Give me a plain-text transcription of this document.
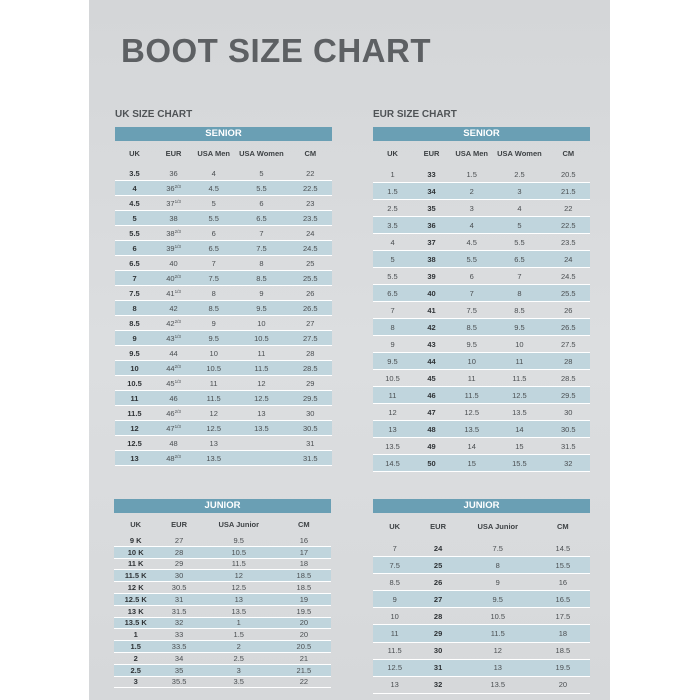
BOOT SIZE CHART
UK SIZE CHART
SENIOR
UK	EUR	USA Men	USA Women	CM
3.5	36	4	5	22
4	$36^{2/3}$	4.5	5.5	22.5
4.5	$37^{1/3}$	5	6	23
5	38	5.5	6.5	23.5
5.5	$38^{2/3}$	6	7	24
6	$39^{1/3}$	6.5	7.5	24.5
6.5	40	7	8	25
7	$40^{2/3}$	7.5	8.5	25.5
7.5	$41^{1/3}$	8	9	26
8	42	8.5	9.5	26.5
8.5	$42^{2/3}$	9	10	27
9	$43^{1/3}$	9.5	10.5	27.5
9.5	44	10	11	28
10	$44^{2/3}$	10.5	11.5	28.5
10.5	$45^{1/3}$	11	12	29
11	46	11.5	12.5	29.5
11.5	$46^{2/3}$	12	13	30
12	$47^{1/3}$	12.5	13.5	30.5
12.5	48	13		31
13	$48^{2/3}$	13.5		31.5
EUR SIZE CHART
SENIOR
UK	EUR	USA Men	USA Women	CM
1	33	1.5	2.5	20.5
1.5	34	2	3	21.5
2.5	35	3	4	22
3.5	36	4	5	22.5
4	37	4.5	5.5	23.5
5	38	5.5	6.5	24
5.5	39	6	7	24.5
6.5	40	7	8	25.5
7	41	7.5	8.5	26
8	42	8.5	9.5	26.5
9	43	9.5	10	27.5
9.5	44	10	11	28
10.5	45	11	11.5	28.5
11	46	11.5	12.5	29.5
12	47	12.5	13.5	30
13	48	13.5	14	30.5
13.5	49	14	15	31.5
14.5	50	15	15.5	32
JUNIOR
UK	EUR	USA Junior	CM
9 K	27	9.5	16
10 K	28	10.5	17
11 K	29	11.5	18
11.5 K	30	12	18.5
12 K	30.5	12.5	18.5
12.5 K	31	13	19
13 K	31.5	13.5	19.5
13.5 K	32	1	20
1	33	1.5	20
1.5	33.5	2	20.5
2	34	2.5	21
2.5	35	3	21.5
3	35.5	3.5	22
JUNIOR
UK	EUR	USA Junior	CM
7	24	7.5	14.5
7.5	25	8	15.5
8.5	26	9	16
9	27	9.5	16.5
10	28	10.5	17.5
11	29	11.5	18
11.5	30	12	18.5
12.5	31	13	19.5
13	32	13.5	20
